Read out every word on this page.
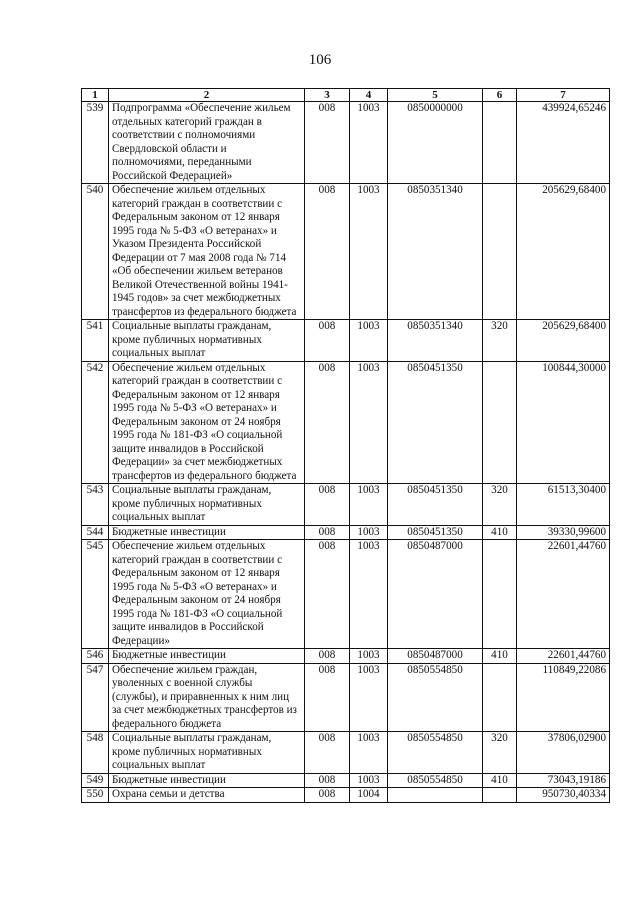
106
1	2	3	4	5	6	7
539	Подпрограмма «Обеспечение жильем отдельных категорий граждан в соответствии с полномочиями Свердловской области и полномочиями, переданными Российской Федерацией»	008	1003	0850000000		439924,65246
540	Обеспечение жильем отдельных категорий граждан в соответствии с Федеральным законом от 12 января 1995 года № 5-ФЗ «О ветеранах» и Указом Президента Российской Федерации от 7 мая 2008 года № 714 «Об обеспечении жильем ветеранов Великой Отечественной войны 1941-1945 годов» за счет межбюджетных трансфертов из федерального бюджета	008	1003	0850351340		205629,68400
541	Социальные выплаты гражданам, кроме публичных нормативных социальных выплат	008	1003	0850351340	320	205629,68400
542	Обеспечение жильем отдельных категорий граждан в соответствии с Федеральным законом от 12 января 1995 года № 5-ФЗ «О ветеранах» и Федеральным законом от 24 ноября 1995 года № 181-ФЗ «О социальной защите инвалидов в Российской Федерации» за счет межбюджетных трансфертов из федерального бюджета	008	1003	0850451350		100844,30000
543	Социальные выплаты гражданам, кроме публичных нормативных социальных выплат	008	1003	0850451350	320	61513,30400
544	Бюджетные инвестиции	008	1003	0850451350	410	39330,99600
545	Обеспечение жильем отдельных категорий граждан в соответствии с Федеральным законом от 12 января 1995 года № 5-ФЗ «О ветеранах» и Федеральным законом от 24 ноября 1995 года № 181-ФЗ «О социальной защите инвалидов в Российской Федерации»	008	1003	0850487000		22601,44760
546	Бюджетные инвестиции	008	1003	0850487000	410	22601,44760
547	Обеспечение жильем граждан, уволенных с военной службы (службы), и приравненных к ним лиц за счет межбюджетных трансфертов из федерального бюджета	008	1003	0850554850		110849,22086
548	Социальные выплаты гражданам, кроме публичных нормативных социальных выплат	008	1003	0850554850	320	37806,02900
549	Бюджетные инвестиции	008	1003	0850554850	410	73043,19186
550	Охрана семьи и детства	008	1004			950730,40334
